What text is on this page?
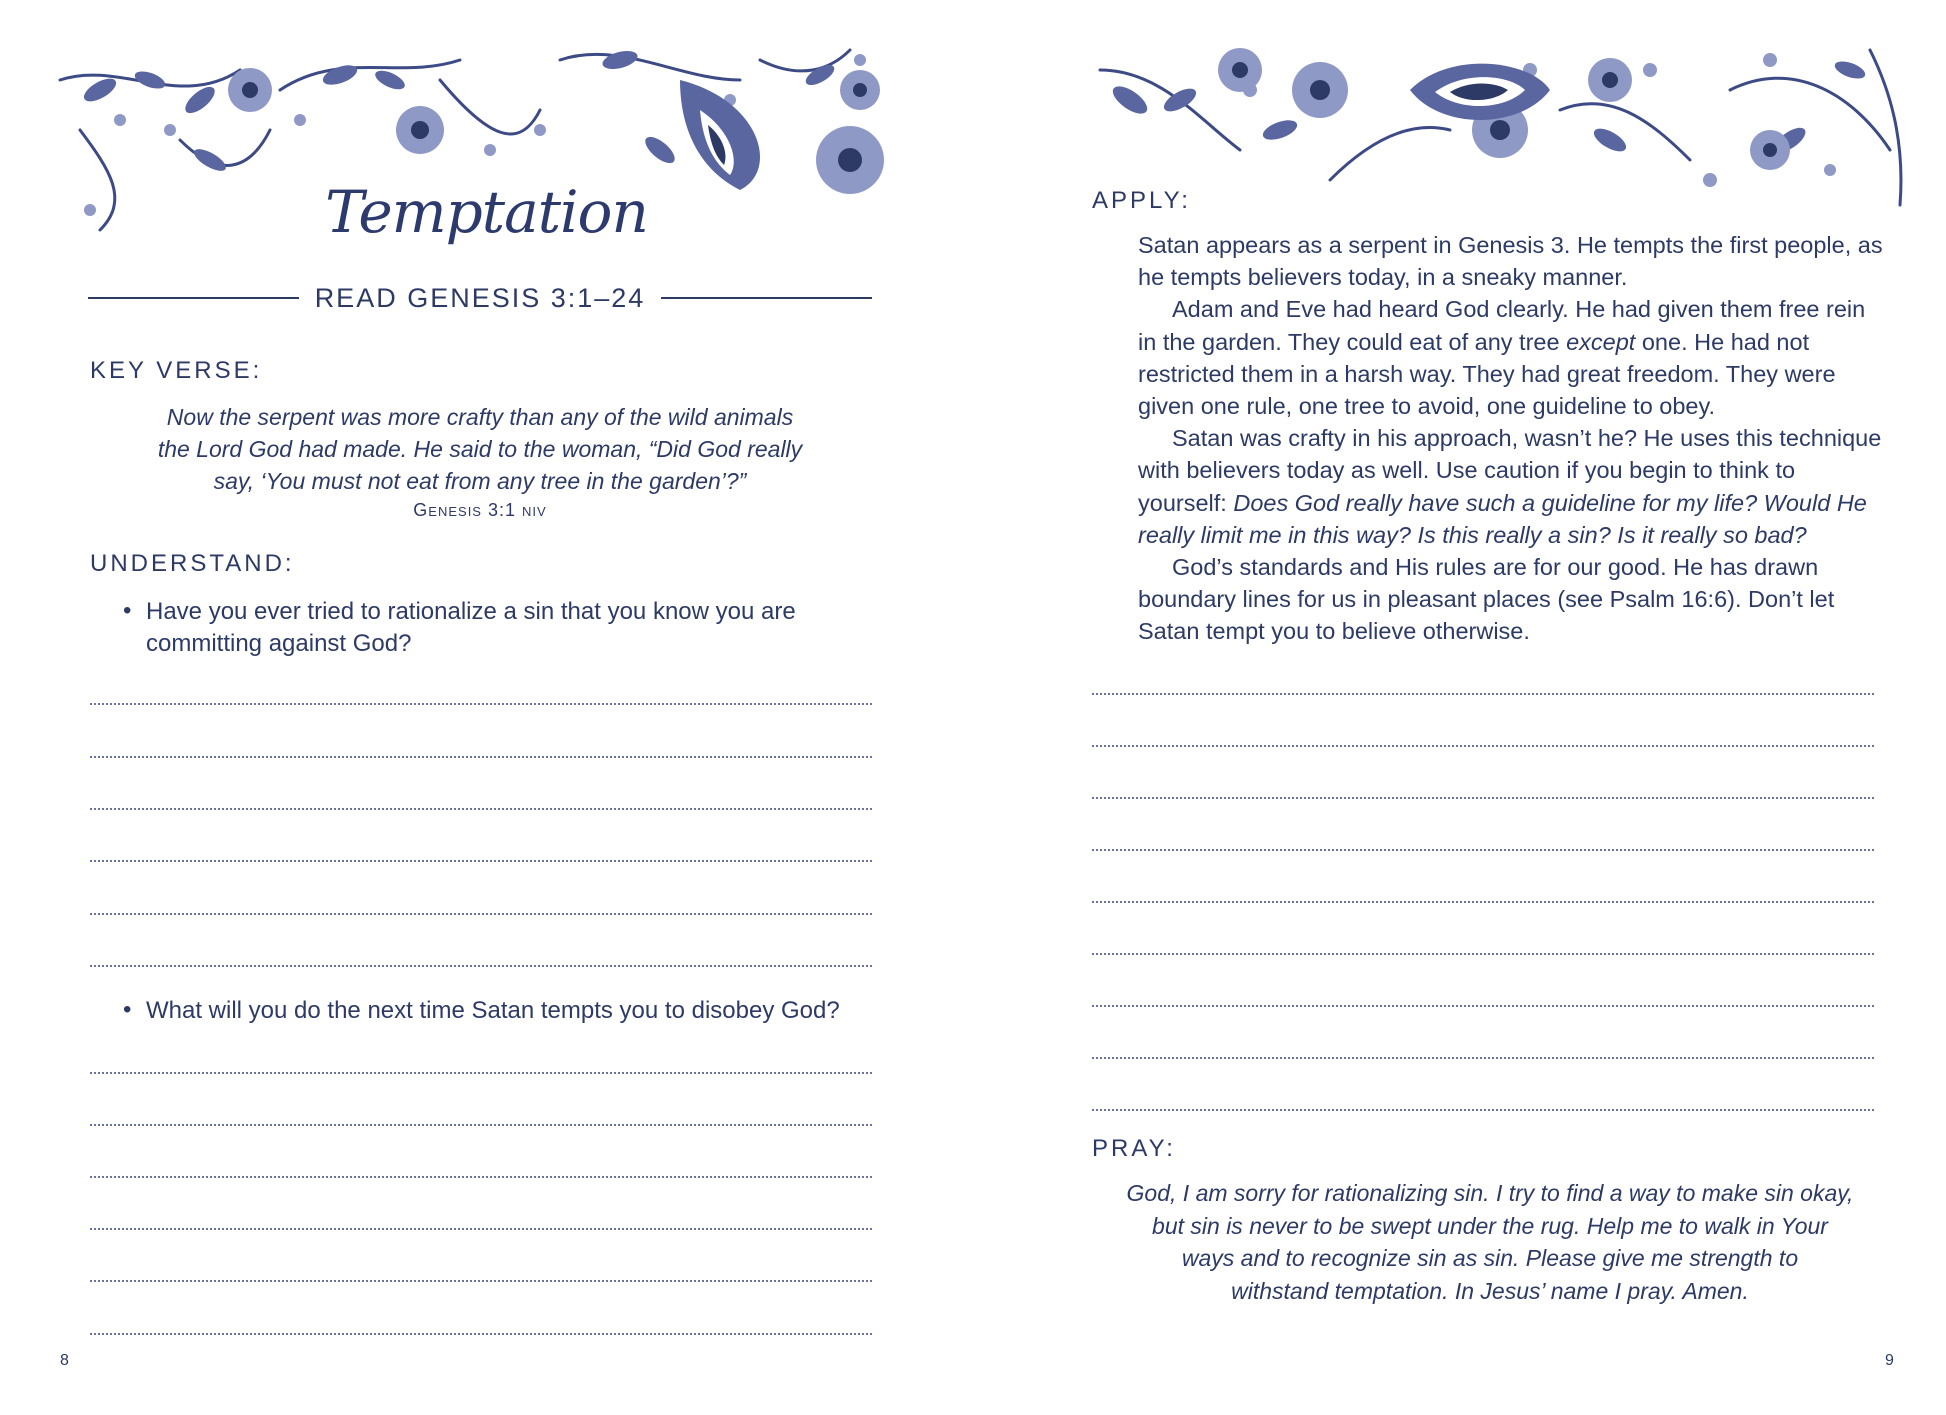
Temptation
READ GENESIS 3:1–24
KEY VERSE:
Now the serpent was more crafty than any of the wild animals
the Lord God had made. He said to the woman, “Did God really
say, ‘You must not eat from any tree in the garden’?”
Genesis 3:1 niv
UNDERSTAND:
• Have you ever tried to rationalize a sin that you know you are
committing against God?
• What will you do the next time Satan tempts you to disobey God?
8
APPLY:

Satan appears as a serpent in Genesis 3. He tempts the first people, as he tempts believers today, in a sneaky manner.

Adam and Eve had heard God clearly. He had given them free rein in the garden. They could eat of any tree except one. He had not restricted them in a harsh way. They had great freedom. They were given one rule, one tree to avoid, one guideline to obey.

Satan was crafty in his approach, wasn’t he? He uses this technique with believers today as well. Use caution if you begin to think to yourself: Does God really have such a guideline for my life? Would He really limit me in this way? Is this really a sin? Is it really so bad?

God’s standards and His rules are for our good. He has drawn boundary lines for us in pleasant places (see Psalm 16:6). Don’t let Satan tempt you to believe otherwise.

PRAY:
God, I am sorry for rationalizing sin. I try to find a way to make sin okay,
but sin is never to be swept under the rug. Help me to walk in Your
ways and to recognize sin as sin. Please give me strength to
withstand temptation. In Jesus’ name I pray. Amen.
9
